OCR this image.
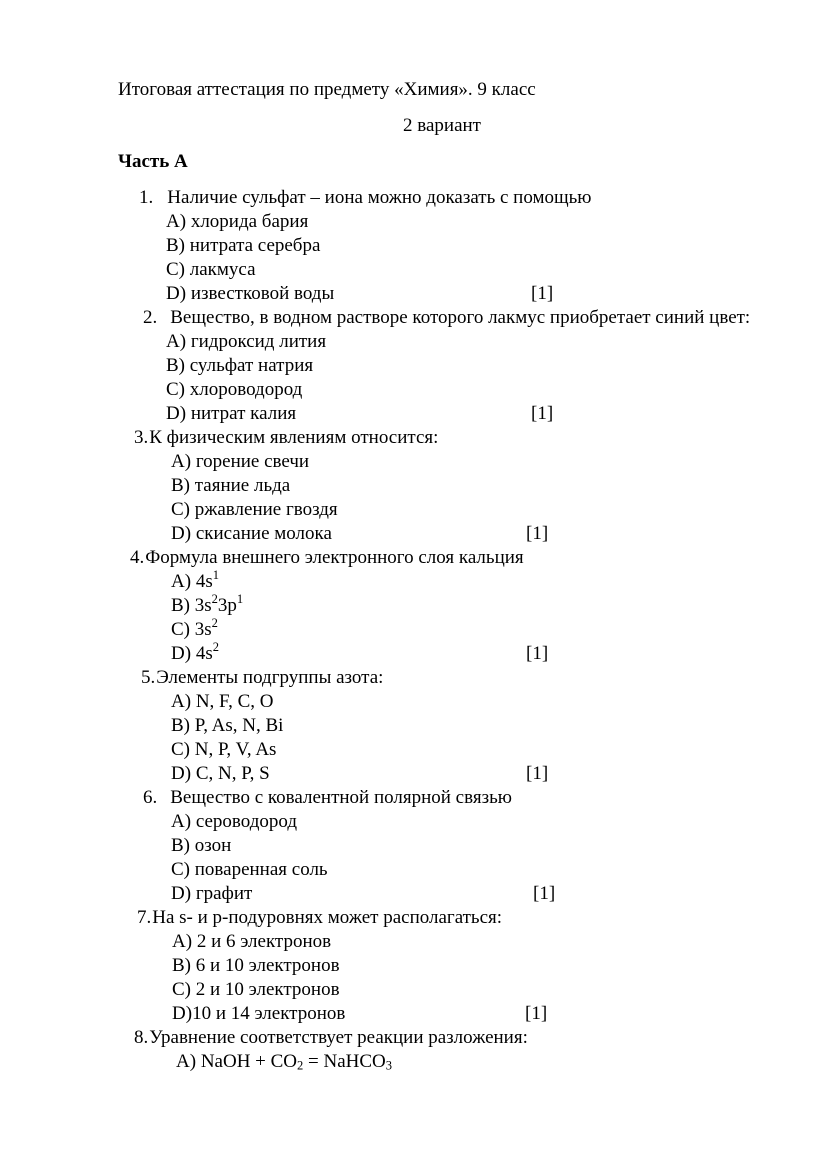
Итоговая аттестация по предмету «Химия». 9 класс
2 вариант
Часть А
1. Наличие сульфат – иона можно доказать с помощью
A) хлорида бария
B) нитрата серебра
C) лакмуса
D) известковой воды	[1]
2. Вещество, в водном растворе которого лакмус приобретает синий цвет:
A) гидроксид лития
B) сульфат натрия
C) хлороводород
D) нитрат калия	[1]
3.К физическим явлениям относится:
A) горение свечи
B) таяние льда
C) ржавление гвоздя
D) скисание молока	[1]
4.Формула внешнего электронного слоя кальция
A) $4s^1$
B) $3s^23p^1$
C) $3s^2$
D) $4s^2$	[1]
5.Элементы подгруппы азота:
A) N, F, C, O
B) P, As, N, Bi
C) N, P, V, As
D) C, N, P, S	[1]
6. Вещество с ковалентной полярной связью
A) сероводород
B) озон
C) поваренная соль
D) графит	[1]
7.На s- и p-подуровнях может располагаться:
A) 2 и 6 электронов
B) 6 и 10 электронов
C) 2 и 10 электронов
D)10 и 14 электронов	[1]
8.Уравнение соответствует реакции разложения:
A) NaOH + $CO_2$ = NaHCO$_3$
